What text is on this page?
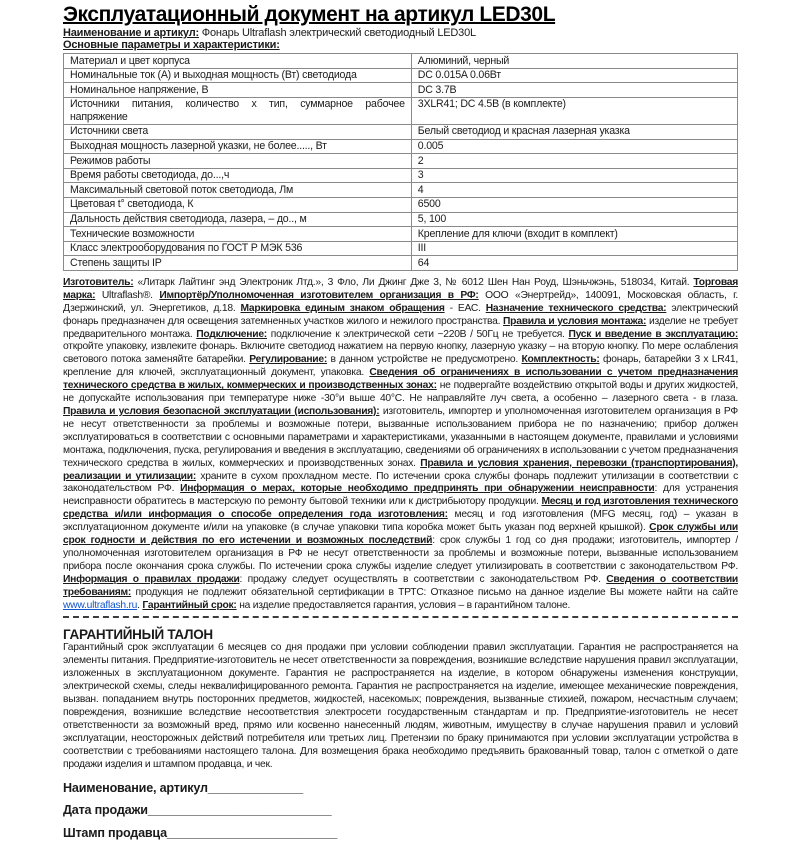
Эксплуатационный документ на артикул LED30L
Наименование и артикул: Фонарь Ultraflash электрический светодиодный LED30L
Основные параметры и характеристики:
Материал и цвет корпуса	Алюминий, черный
Номинальные ток (А) и выходная мощность (Вт) светодиода	DC 0.015A 0.06Вт
Номинальное напряжение, В	DC 3.7В
Источники питания, количество х тип, суммарное рабочее напряжение	3XLR41; DC 4.5В (в комплекте)
Источники света	Белый светодиод и красная лазерная указка
Выходная мощность лазерной указки, не более....., Вт	0.005
Режимов работы	2
Время работы светодиода, до...,ч	3
Максимальный световой поток светодиода, Лм	4
Цветовая t° светодиода, К	6500
Дальность действия светодиода, лазера, – до.., м	5, 100
Технические возможности	Крепление для ключи (входит в комплект)
Класс электрооборудования по ГОСТ Р МЭК 536	III
Степень защиты IP	64
Изготовитель: «Литарк Лайтинг энд Электроник Лтд.», 3 Фло, Ли Джинг Дже 3, № 6012 Шен Нан Роуд, Шэньчжэнь, 518034, Китай. Торговая марка: Ultraflash®. Импортёр/Уполномоченная изготовителем организация в РФ: ООО «Энертрейд», 140091, Московская область, г. Дзержинский, ул. Энергетиков, д.18. Маркировка единым знаком обращения - ЕАС. Назначение технического средства: электрический фонарь предназначен для освещения затемненных участков жилого и нежилого пространства. Правила и условия монтажа: изделие не требует предварительного монтажа. Подключение: подключение к электрической сети ~220В / 50Гц не требуется. Пуск и введение в эксплуатацию: откройте упаковку, извлеките фонарь. Включите светодиод нажатием на первую кнопку, лазерную указку – на вторую кнопку. По мере ослабления светового потока заменяйте батарейки. Регулирование: в данном устройстве не предусмотрено. Комплектность: фонарь, батарейки 3 х LR41, крепление для ключей, эксплуатационный документ, упаковка. Сведения об ограничениях в использовании с учетом предназначения технического средства в жилых, коммерческих и производственных зонах: не подвергайте воздействию открытой воды и других жидкостей, не допускайте использования при температуре ниже -30°и выше 40°С. Не направляйте луч света, а особенно – лазерного света - в глаза. Правила и условия безопасной эксплуатации (использования): изготовитель, импортер и уполномоченная изготовителем организация в РФ не несут ответственности за проблемы и возможные потери, вызванные использованием прибора не по назначению; прибор должен эксплуатироваться в соответствии с основными параметрами и характеристиками, указанными в настоящем документе, правилами и условиями монтажа, подключения, пуска, регулирования и введения в эксплуатацию, сведениями об ограничениях в использовании с учетом предназначения технического средства в жилых, коммерческих и производственных зонах. Правила и условия хранения, перевозки (транспортирования), реализации и утилизации: храните в сухом прохладном месте. По истечении срока службы фонарь подлежит утилизации в соответствии с законодательством РФ. Информация о мерах, которые необходимо предпринять при обнаружении неисправности: для устранения неисправности обратитесь в мастерскую по ремонту бытовой техники или к дистрибьютору продукции. Месяц и год изготовления технического средства и/или информация о способе определения года изготовления: месяц и год изготовления (MFG месяц, год) – указан в эксплуатационном документе и/или на упаковке (в случае упаковки типа коробка может быть указан под верхней крышкой). Срок службы или срок годности и действия по его истечении и возможных последствий: срок службы 1 год со дня продажи; изготовитель, импортер / уполномоченная изготовителем организация в РФ не несут ответственности за проблемы и возможные потери, вызванные использованием прибора после окончания срока службы. По истечении срока службы изделие следует утилизировать в соответствии с законодательством РФ. Информация о правилах продажи: продажу следует осуществлять в соответствии с законодательством РФ. Сведения о соответствии требованиям: продукция не подлежит обязательной сертификации в ТРТС: Отказное письмо на данное изделие Вы можете найти на сайте www.ultraflash.ru. Гарантийный срок: на изделие предоставляется гарантия, условия – в гарантийном талоне.
ГАРАНТИЙНЫЙ ТАЛОН
Гарантийный срок эксплуатации 6 месяцев со дня продажи при условии соблюдении правил эксплуатации. Гарантия не распространяется на элементы питания. Предприятие-изготовитель не несет ответственности за повреждения, возникшие вследствие нарушения правил эксплуатации, изложенных в эксплуатационном документе. Гарантия не распространяется на изделие, в котором обнаружены изменения конструкции, электрической схемы, следы неквалифицированного ремонта. Гарантия не распространяется на изделие, имеющее механические повреждения, вызван. попаданием внутрь посторонних предметов, жидкостей, насекомых; повреждения, вызванные стихией, пожаром, несчастным случаем; повреждения, возникшие вследствие несоответствия электросети государственным стандартам и пр. Предприятие-изготовитель не несет ответственности за возможный вред, прямо или косвенно нанесенный людям, животным, имуществу в случае нарушения правил и условий эксплуатации, неосторожных действий потребителя или третьих лиц. Претензии по браку принимаются при условии эксплуатации устройства в соответствии с требованиями настоящего талона. Для возмещения брака необходимо предъявить бракованный товар, талон с отметкой о дате продажи изделия и штампом продавца, и чек.
Наименование, артикул______________
Дата продажи___________________________
Штамп продавца_________________________
